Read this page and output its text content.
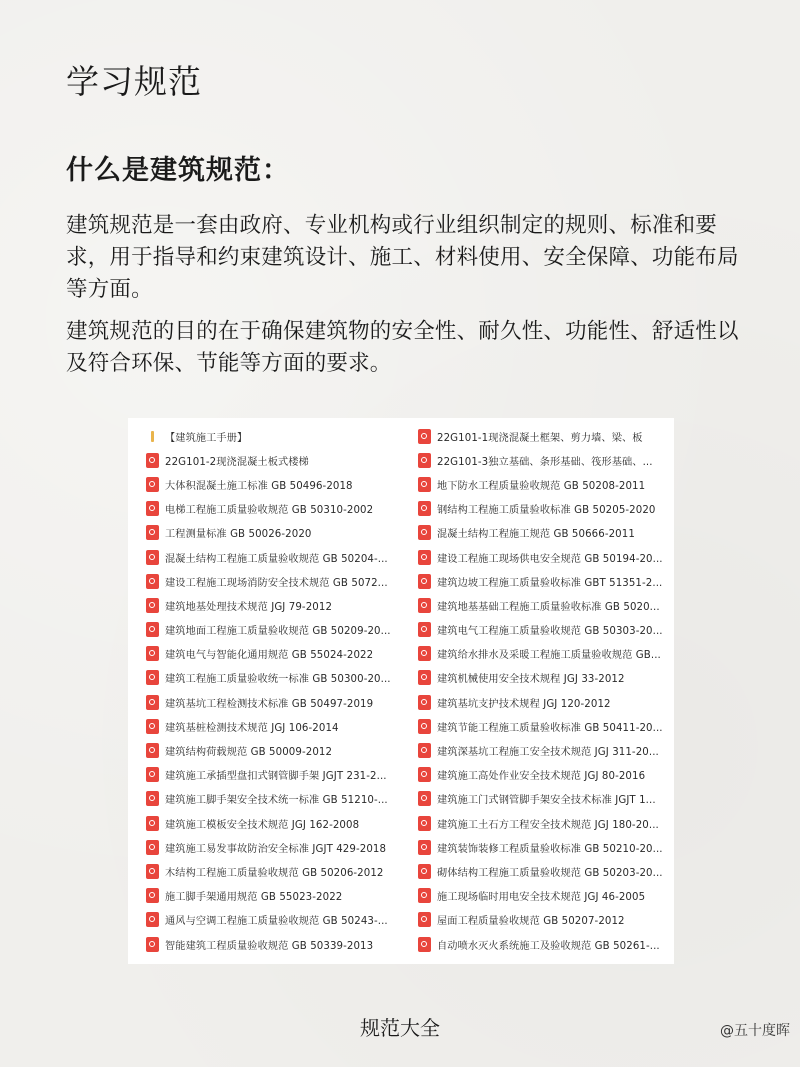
学习规范
什么是建筑规范：
建筑规范是一套由政府、专业机构或行业组织制定的规则、标准和要求，用于指导和约束建筑设计、施工、材料使用、安全保障、功能布局等方面。
建筑规范的目的在于确保建筑物的安全性、耐久性、功能性、舒适性以及符合环保、节能等方面的要求。
【建筑施工手册】
22G101-2现浇混凝土板式楼梯
大体积混凝土施工标准 GB 50496-2018
电梯工程施工质量验收规范 GB 50310-2002
工程测量标准 GB 50026-2020
混凝土结构工程施工质量验收规范 GB 50204-...
建设工程施工现场消防安全技术规范 GB 5072...
建筑地基处理技术规范 JGJ 79-2012
建筑地面工程施工质量验收规范 GB 50209-20...
建筑电气与智能化通用规范 GB 55024-2022
建筑工程施工质量验收统一标准 GB 50300-20...
建筑基坑工程检测技术标准 GB 50497-2019
建筑基桩检测技术规范 JGJ 106-2014
建筑结构荷载规范 GB 50009-2012
建筑施工承插型盘扣式钢管脚手架 JGJT 231-2...
建筑施工脚手架安全技术统一标准 GB 51210-...
建筑施工模板安全技术规范 JGJ 162-2008
建筑施工易发事故防治安全标准 JGJT 429-2018
木结构工程施工质量验收规范 GB 50206-2012
施工脚手架通用规范 GB 55023-2022
通风与空调工程施工质量验收规范 GB 50243-...
智能建筑工程质量验收规范 GB 50339-2013
22G101-1现浇混凝土框架、剪力墙、梁、板
22G101-3独立基础、条形基础、筏形基础、...
地下防水工程质量验收规范 GB 50208-2011
钢结构工程施工质量验收标准 GB 50205-2020
混凝土结构工程施工规范 GB 50666-2011
建设工程施工现场供电安全规范 GB 50194-20...
建筑边坡工程施工质量验收标准 GBT 51351-2...
建筑地基基础工程施工质量验收标准 GB 5020...
建筑电气工程施工质量验收规范 GB 50303-20...
建筑给水排水及采暖工程施工质量验收规范 GB...
建筑机械使用安全技术规程 JGJ 33-2012
建筑基坑支护技术规程 JGJ 120-2012
建筑节能工程施工质量验收标准 GB 50411-20...
建筑深基坑工程施工安全技术规范 JGJ 311-20...
建筑施工高处作业安全技术规范 JGJ 80-2016
建筑施工门式钢管脚手架安全技术标准 JGJT 1...
建筑施工土石方工程安全技术规范 JGJ 180-20...
建筑装饰装修工程质量验收标准 GB 50210-20...
砌体结构工程施工质量验收规范 GB 50203-20...
施工现场临时用电安全技术规范 JGJ 46-2005
屋面工程质量验收规范 GB 50207-2012
自动喷水灭火系统施工及验收规范 GB 50261-...
规范大全	@五十度晖
